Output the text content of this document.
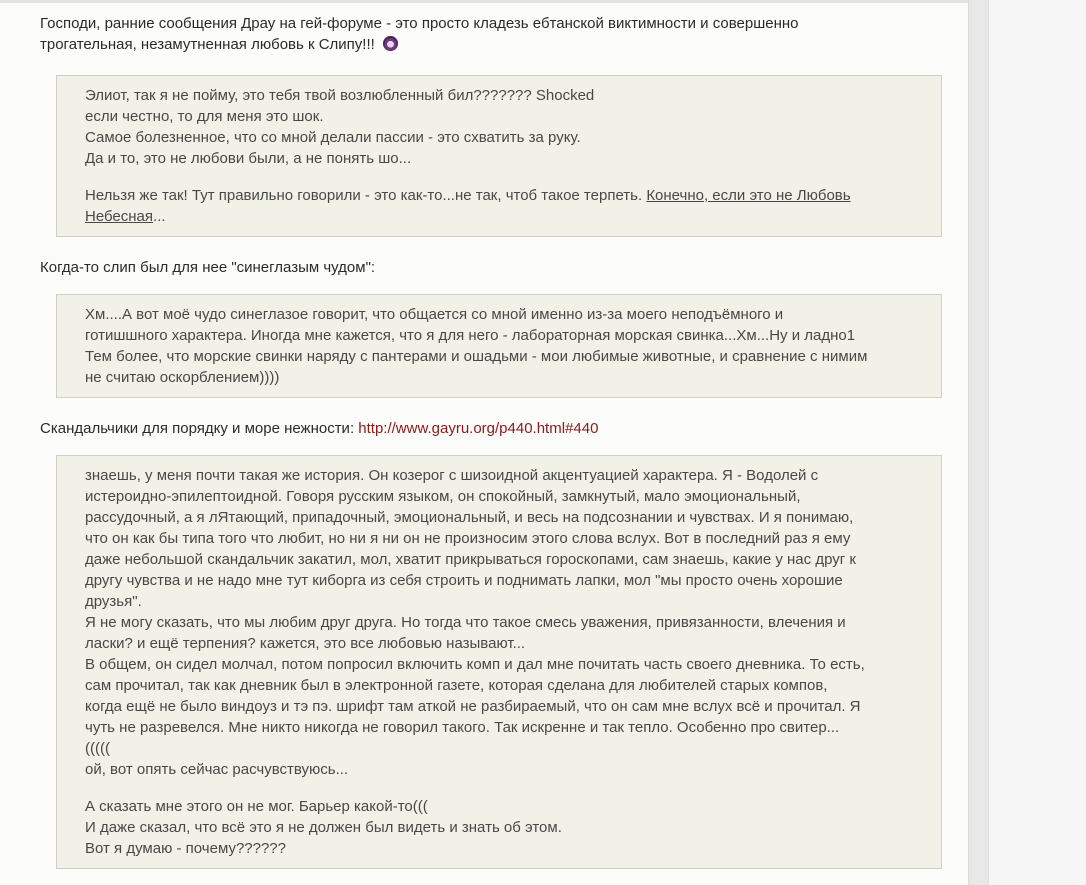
Господи, ранние сообщения Драу на гей-форуме - это просто кладезь ебтанской виктимности и совершенно
трогательная, незамутненная любовь к Слипу!!!

Элиот, так я не пойму, это тебя твой возлюбленный бил??????? Shocked
если честно, то для меня это шок.
Самое болезненное, что со мной делали пассии - это схватить за руку.
Да и то, это не любови были, а не понять шо...
Нельзя же так! Тут правильно говорили - это как-то...не так, чтоб такое терпеть. Конечно, если это не Любовь Небесная...

Когда-то слип был для нее "синеглазым чудом":

Хм....А вот моё чудо синеглазое говорит, что общается со мной именно из-за моего неподъёмного и
готишшного характера. Иногда мне кажется, что я для него - лабораторная морская свинка...Хм...Ну и ладно1
Тем более, что морские свинки наряду с пантерами и ошадьми - мои любимые животные, и сравнение с нимим
не считаю оскорблением))))

Скандальчики для порядку и море нежности: http://www.gayru.org/p440.html#440

знаешь, у меня почти такая же история. Он козерог с шизоидной акцентуацией характера. Я - Водолей с
истероидно-эпилептоидной. Говоря русским языком, он спокойный, замкнутый, мало эмоциональный,
рассудочный, а я лЯтающий, припадочный, эмоциональный, и весь на подсознании и чувствах. И я понимаю,
что он как бы типа того что любит, но ни я ни он не произносим этого слова вслух. Вот в последний раз я ему
даже небольшой скандальчик закатил, мол, хватит прикрываться гороскопами, сам знаешь, какие у нас друг к
другу чувства и не надо мне тут киборга из себя строить и поднимать лапки, мол "мы просто очень хорошие
друзья".
Я не могу сказать, что мы любим друг друга. Но тогда что такое смесь уважения, привязанности, влечения и
ласки? и ещё терпения? кажется, это все любовью называют...
В общем, он сидел молчал, потом попросил включить комп и дал мне почитать часть своего дневника. То есть,
сам прочитал, так как дневник был в электронной газете, которая сделана для любителей старых компов,
когда ещё не было виндоуз и тэ пэ. шрифт там аткой не разбираемый, что он сам мне вслух всё и прочитал. Я
чуть не разревелся. Мне никто никогда не говорил такого. Так искренне и так тепло. Особенно про свитер...
(((((
ой, вот опять сейчас расчувствуюсь...
А сказать мне этого он не мог. Барьер какой-то(((
И даже сказал, что всё это я не должен был видеть и знать об этом.
Вот я думаю - почему??????
